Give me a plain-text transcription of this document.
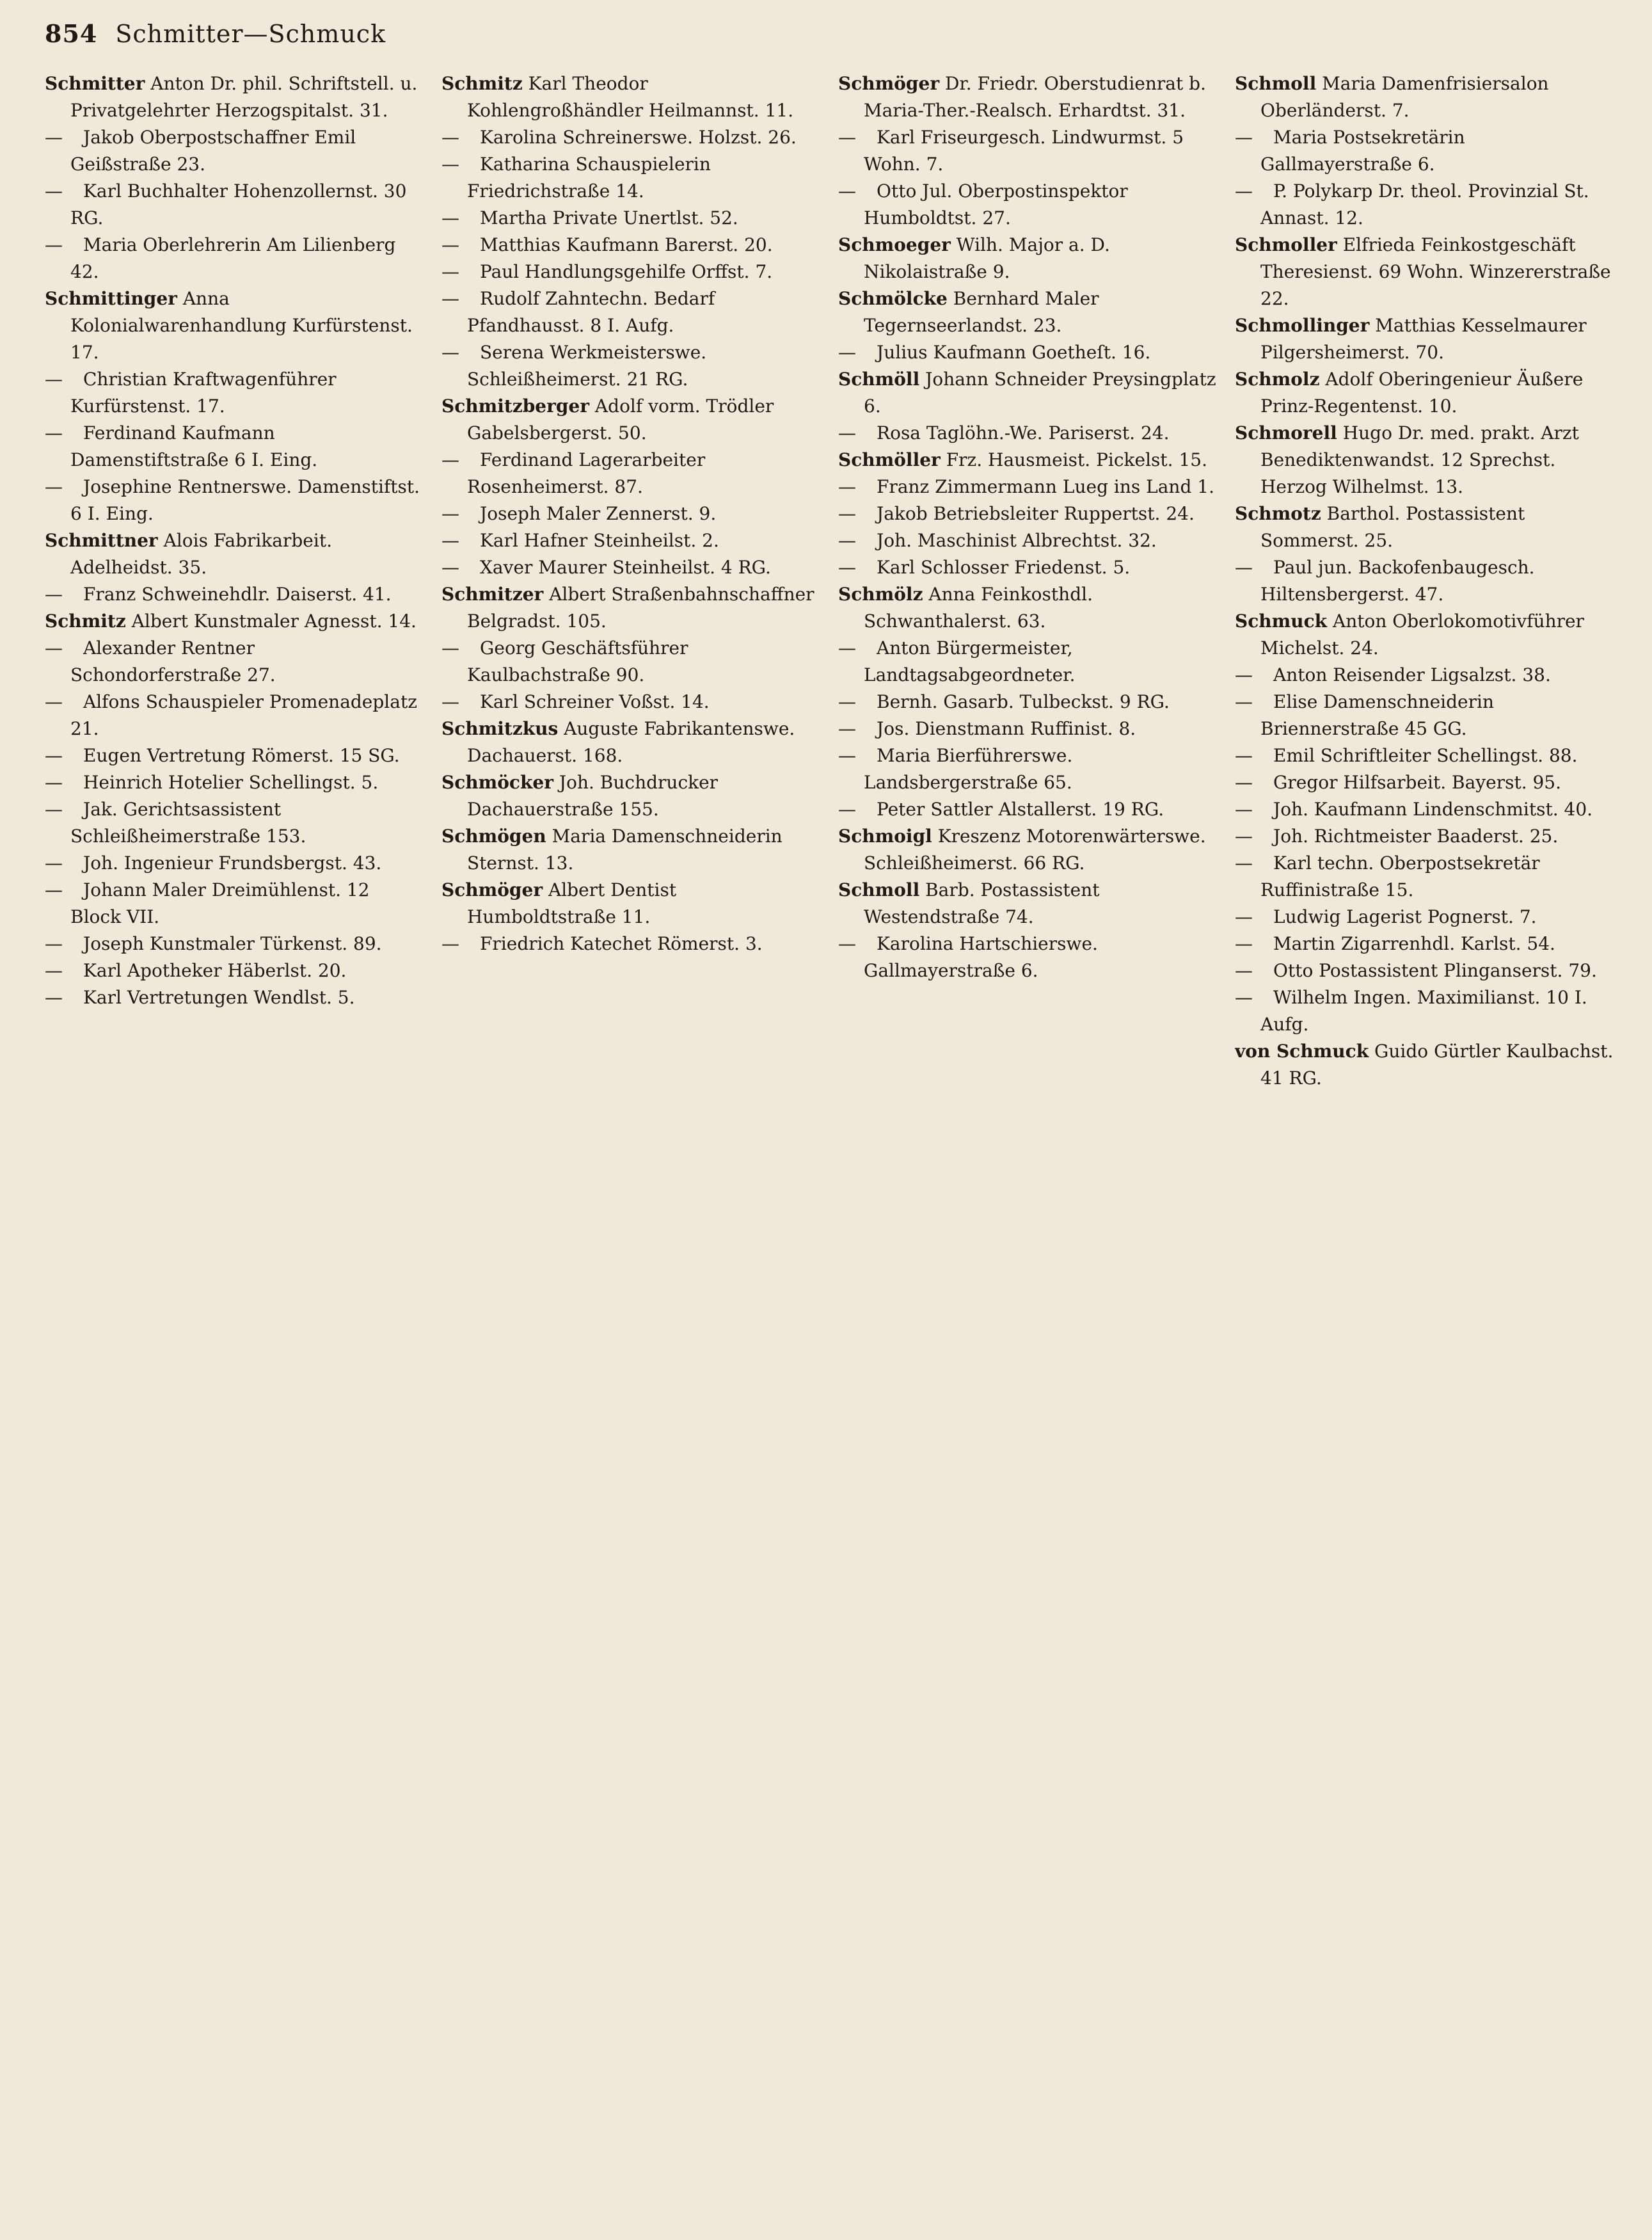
854 Schmitter—Schmuck

Schmitter Anton Dr. phil. Schriftstell. u. Privatgelehrter Herzogspitalst. 31.

— Jakob Oberpostschaffner Emil Geißstraße 23.

— Karl Buchhalter Hohenzollernst. 30 RG.

— Maria Oberlehrerin Am Lilienberg 42.

Schmittinger Anna Kolonialwarenhandlung Kurfürstenst. 17.

— Christian Kraftwagenführer Kurfürstenst. 17.

— Ferdinand Kaufmann Damenstiftstraße 6 I. Eing.

— Josephine Rentnerswe. Damenstiftst. 6 I. Eing.

Schmittner Alois Fabrikarbeit. Adelheidst. 35.

— Franz Schweinehdlr. Daiserst. 41.

Schmitz Albert Kunstmaler Agnesst. 14.

— Alexander Rentner Schondorferstraße 27.

— Alfons Schauspieler Promenadeplatz 21.

— Eugen Vertretung Römerst. 15 SG.

— Heinrich Hotelier Schellingst. 5.

— Jak. Gerichtsassistent Schleißheimerstraße 153.

— Joh. Ingenieur Frundsbergst. 43.

— Johann Maler Dreimühlenst. 12 Block VII.

— Joseph Kunstmaler Türkenst. 89.

— Karl Apotheker Häberlst. 20.

— Karl Vertretungen Wendlst. 5.

Schmitz Karl Theodor Kohlengroßhändler Heilmannst. 11.

— Karolina Schreinerswe. Holzst. 26.

— Katharina Schauspielerin Friedrichstraße 14.

— Martha Private Unertlst. 52.

— Matthias Kaufmann Barerst. 20.

— Paul Handlungsgehilfe Orffst. 7.

— Rudolf Zahntechn. Bedarf Pfandhausst. 8 I. Aufg.

— Serena Werkmeisterswe. Schleißheimerst. 21 RG.

Schmitzberger Adolf vorm. Trödler Gabelsbergerst. 50.

— Ferdinand Lagerarbeiter Rosenheimerst. 87.

— Joseph Maler Zennerst. 9.

— Karl Hafner Steinheilst. 2.

— Xaver Maurer Steinheilst. 4 RG.

Schmitzer Albert Straßenbahnschaffner Belgradst. 105.

— Georg Geschäftsführer Kaulbachstraße 90.

— Karl Schreiner Voßst. 14.

Schmitzkus Auguste Fabrikantenswe. Dachauerst. 168.

Schmöcker Joh. Buchdrucker Dachauerstraße 155.

Schmögen Maria Damenschneiderin Sternst. 13.

Schmöger Albert Dentist Humboldtstraße 11.

— Friedrich Katechet Römerst. 3.

Schmöger Dr. Friedr. Oberstudienrat b. Maria-Ther.-Realsch. Erhardtst. 31.

— Karl Friseurgesch. Lindwurmst. 5 Wohn. 7.

— Otto Jul. Oberpostinspektor Humboldtst. 27.

Schmoeger Wilh. Major a. D. Nikolaistraße 9.

Schmölcke Bernhard Maler Tegernseerlandst. 23.

— Julius Kaufmann Goetheſt. 16.

Schmöll Johann Schneider Preysingplatz 6.

— Rosa Taglöhn.-We. Pariserst. 24.

Schmöller Frz. Hausmeist. Pickelst. 15.

— Franz Zimmermann Lueg ins Land 1.

— Jakob Betriebsleiter Ruppertst. 24.

— Joh. Maschinist Albrechtst. 32.

— Karl Schlosser Friedenst. 5.

Schmölz Anna Feinkosthdl. Schwanthalerst. 63.

— Anton Bürgermeister, Landtagsabgeordneter.

— Bernh. Gasarb. Tulbeckst. 9 RG.

— Jos. Dienstmann Ruffinist. 8.

— Maria Bierführerswe. Landsbergerstraße 65.

— Peter Sattler Alstallerst. 19 RG.

Schmoigl Kreszenz Motorenwärterswe. Schleißheimerst. 66 RG.

Schmoll Barb. Postassistent Westendstraße 74.

— Karolina Hartschierswe. Gallmayerstraße 6.

Schmoll Maria Damenfrisiersalon Oberländerst. 7.

— Maria Postsekretärin Gallmayerstraße 6.

— P. Polykarp Dr. theol. Provinzial St. Annast. 12.

Schmoller Elfrieda Feinkostgeschäft Theresienst. 69 Wohn. Winzererstraße 22.

Schmollinger Matthias Kesselmaurer Pilgersheimerst. 70.

Schmolz Adolf Oberingenieur Äußere Prinz-Regentenst. 10.

Schmorell Hugo Dr. med. prakt. Arzt Benediktenwandst. 12 Sprechst. Herzog Wilhelmst. 13.

Schmotz Barthol. Postassistent Sommerst. 25.

— Paul jun. Backofenbaugesch. Hiltensbergerst. 47.

Schmuck Anton Oberlokomotivführer Michelst. 24.

— Anton Reisender Ligsalzst. 38.

— Elise Damenschneiderin Briennerstraße 45 GG.

— Emil Schriftleiter Schellingst. 88.

— Gregor Hilfsarbeit. Bayerst. 95.

— Joh. Kaufmann Lindenschmitst. 40.

— Joh. Richtmeister Baaderst. 25.

— Karl techn. Oberpostsekretär Ruffinistraße 15.

— Ludwig Lagerist Pognerst. 7.

— Martin Zigarrenhdl. Karlst. 54.

— Otto Postassistent Plinganserst. 79.

— Wilhelm Ingen. Maximilianst. 10 I. Aufg.

von Schmuck Guido Gürtler Kaulbachst. 41 RG.
